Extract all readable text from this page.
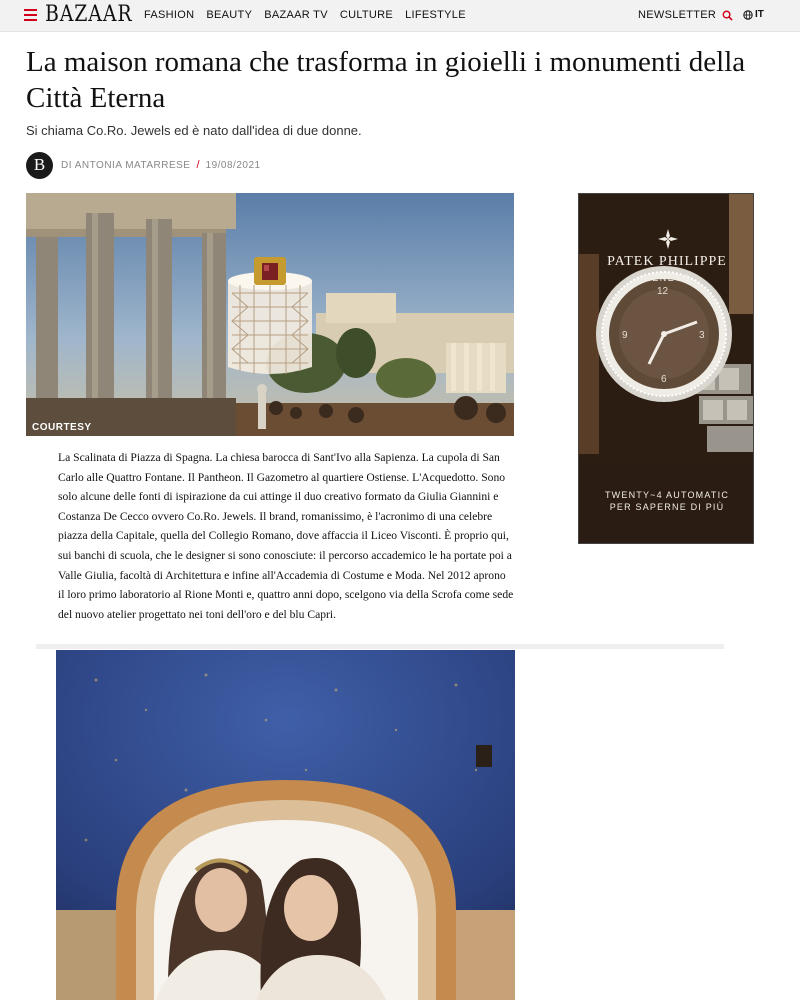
BAZAAR FASHION BEAUTY BAZAAR TV CULTURE LIFESTYLE	NEWSLETTER	IT
La maison romana che trasforma in gioielli i monumenti della Città Eterna
Si chiama Co.Ro. Jewels ed è nato dall'idea di due donne.
B	DI ANTONIA MATARRESE / 19/08/2021
COURTESY

La Scalinata di Piazza di Spagna. La chiesa barocca di Sant'Ivo alla Sapienza. La cupola di San Carlo alle Quattro Fontane. Il Pantheon. Il Gazometro al quartiere Ostiense. L'Acquedotto. Sono solo alcune delle fonti di ispirazione da cui attinge il duo creativo formato da Giulia Giannini e Costanza De Cecco ovvero Co.Ro. Jewels. Il brand, romanissimo, è l'acronimo di una celebre piazza della Capitale, quella del Collegio Romano, dove affaccia il Liceo Visconti. È proprio qui, sui banchi di scuola, che le designer si sono conosciute: il percorso accademico le ha portate poi a Valle Giulia, facoltà di Architettura e infine all'Accademia di Costume e Moda. Nel 2012 aprono il loro primo laboratorio al Rione Monti e, quattro anni dopo, scelgono via della Scrofa come sede del nuovo atelier progettato nei toni dell'oro e del blu Capri.

12
3
6
9
PATEK PHILIPPE
GENEVE
TWENTY~4 AUTOMATIC
PER SAPERNE DI PIÙ
